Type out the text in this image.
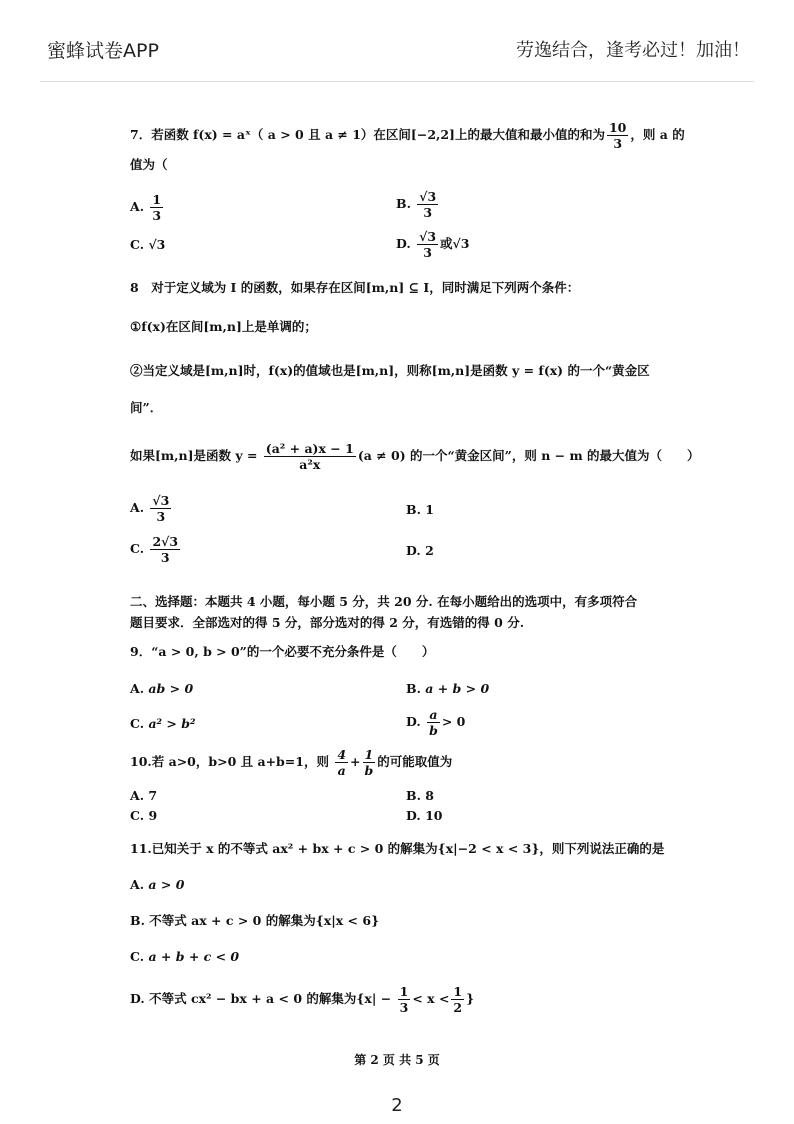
蜜蜂试卷APP	劳逸结合，逢考必过！加油！
7．若函数 f(x) = aˣ（ a > 0 且 a ≠ 1）在区间[−2,2]上的最大值和最小值的和为 $\frac{10}{3}$ ，则 a 的
值为（
A. $\frac{1}{3}$	B. $\frac{√3}{3}$
C. √3	D. $\frac{√3}{3}$ 或√3
8　对于定义域为 I 的函数，如果存在区间[m,n] ⊆ I，同时满足下列两个条件：
①f(x)在区间[m,n]上是单调的；
②当定义域是[m,n]时，f(x)的值域也是[m,n]，则称[m,n]是函数 y = f(x) 的一个“黄金区
间”．
如果[m,n]是函数 $y = \frac{\text{(a² + a)x − 1}}{\text{a²x}} (a \ne 0)$ 的一个“黄金区间”，则 n − m 的最大值为（　　）
A. $\frac{√3}{3}$	B. 1
C. $\frac{2√3}{3}$	D. 2
二、选择题：本题共 4 小题，每小题 5 分，共 20 分. 在每小题给出的选项中，有多项符合
题目要求．全部选对的得 5 分，部分选对的得 2 分，有选错的得 0 分.
9．“a > 0, b > 0”的一个必要不充分条件是（　　）
A. ab > 0	B. a + b > 0
C. a² > b²	D. $\frac{a}{b} > 0$
10.若 a>0，b>0 且 a+b=1，则 $\frac{4}{a} + \frac{1}{b}$ 的可能取值为
A. 7	B. 8
C. 9	D. 10
11.已知关于 x 的不等式 ax² + bx + c > 0 的解集为{x|−2 < x < 3}，则下列说法正确的是
A. a > 0
B. 不等式 ax + c > 0 的解集为{x|x < 6}
C. a + b + c < 0
D. 不等式 cx² − bx + a < 0 的解集为{$x| - \frac{1}{3} < x < \frac{1}{2}$ }
第 2 页 共 5 页
2
